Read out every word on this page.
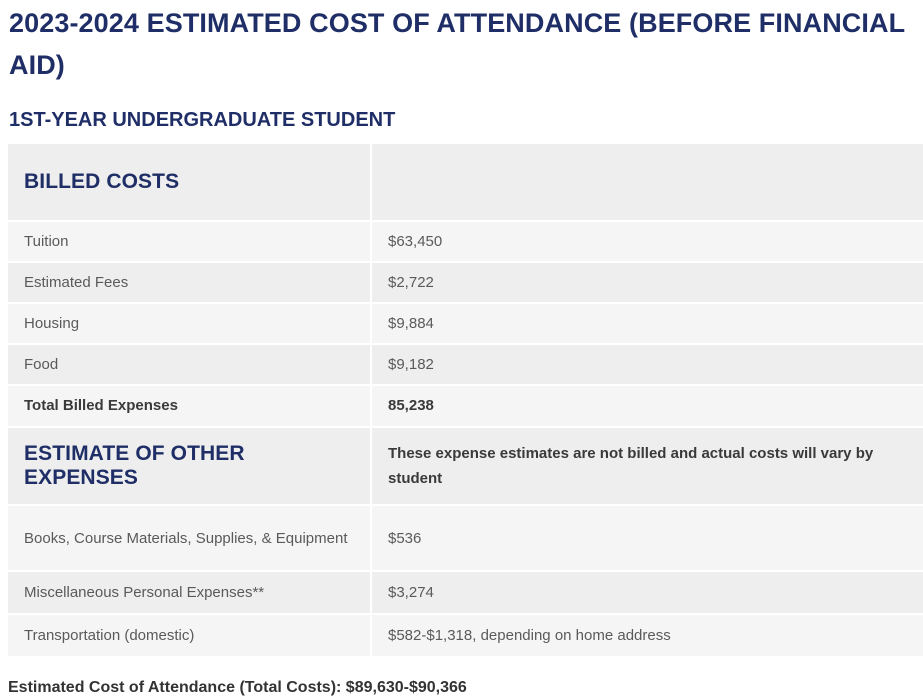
2023-2024 ESTIMATED COST OF ATTENDANCE (BEFORE FINANCIAL AID)
1ST-YEAR UNDERGRADUATE STUDENT
BILLED COSTS	
Tuition	$63,450
Estimated Fees	$2,722
Housing	$9,884
Food	$9,182
Total Billed Expenses	85,238
ESTIMATE OF OTHER EXPENSES	These expense estimates are not billed and actual costs will vary by student
Books, Course Materials, Supplies, & Equipment	$536
Miscellaneous Personal Expenses**	$3,274
Transportation (domestic)	$582-$1,318, depending on home address
Estimated Cost of Attendance (Total Costs): $89,630-$90,366
